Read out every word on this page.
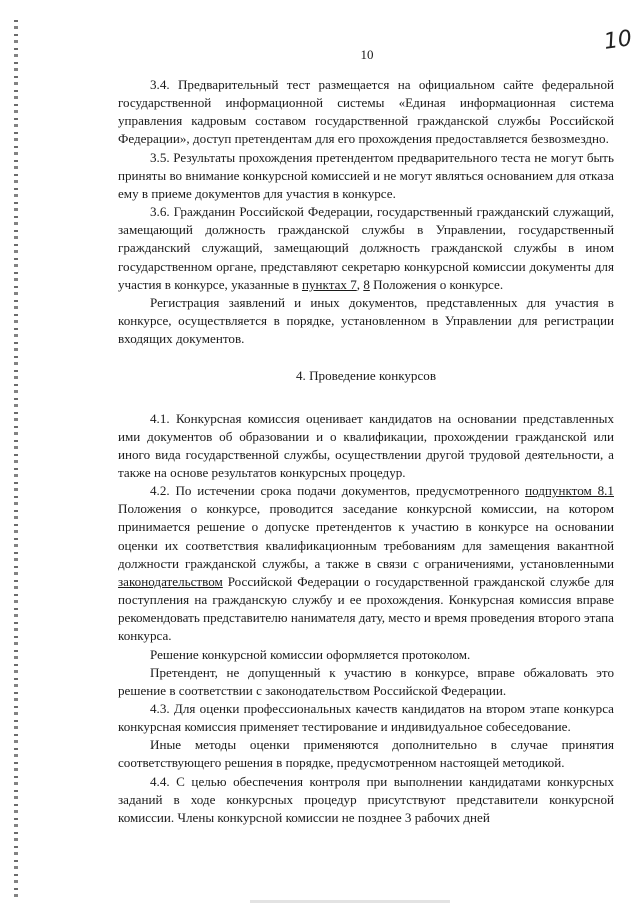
10	10

3.4. Предварительный тест размещается на официальном сайте федеральной государственной информационной системы «Единая информационная система управления кадровым составом государственной гражданской службы Российской Федерации», доступ претендентам для его прохождения предоставляется безвозмездно.

3.5. Результаты прохождения претендентом предварительного теста не могут быть приняты во внимание конкурсной комиссией и не могут являться основанием для отказа ему в приеме документов для участия в конкурсе.

3.6. Гражданин Российской Федерации, государственный гражданский служащий, замещающий должность гражданской службы в Управлении, государственный гражданский служащий, замещающий должность гражданской службы в ином государственном органе, представляют секретарю конкурсной комиссии документы для участия в конкурсе, указанные в пунктах 7, 8 Положения о конкурсе.

Регистрация заявлений и иных документов, представленных для участия в конкурсе, осуществляется в порядке, установленном в Управлении для регистрации входящих документов.

4. Проведение конкурсов

4.1. Конкурсная комиссия оценивает кандидатов на основании представленных ими документов об образовании и о квалификации, прохождении гражданской или иного вида государственной службы, осуществлении другой трудовой деятельности, а также на основе результатов конкурсных процедур.

4.2. По истечении срока подачи документов, предусмотренного подпунктом 8.1 Положения о конкурсе, проводится заседание конкурсной комиссии, на котором принимается решение о допуске претендентов к участию в конкурсе на основании оценки их соответствия квалификационным требованиям для замещения вакантной должности гражданской службы, а также в связи с ограничениями, установленными законодательством Российской Федерации о государственной гражданской службе для поступления на гражданскую службу и ее прохождения. Конкурсная комиссия вправе рекомендовать представителю нанимателя дату, место и время проведения второго этапа конкурса.

Решение конкурсной комиссии оформляется протоколом.

Претендент, не допущенный к участию в конкурсе, вправе обжаловать это решение в соответствии с законодательством Российской Федерации.

4.3. Для оценки профессиональных качеств кандидатов на втором этапе конкурса конкурсная комиссия применяет тестирование и индивидуальное собеседование.

Иные методы оценки применяются дополнительно в случае принятия соответствующего решения в порядке, предусмотренном настоящей методикой.

4.4. С целью обеспечения контроля при выполнении кандидатами конкурсных заданий в ходе конкурсных процедур присутствуют представители конкурсной комиссии. Члены конкурсной комиссии не позднее 3 рабочих дней
